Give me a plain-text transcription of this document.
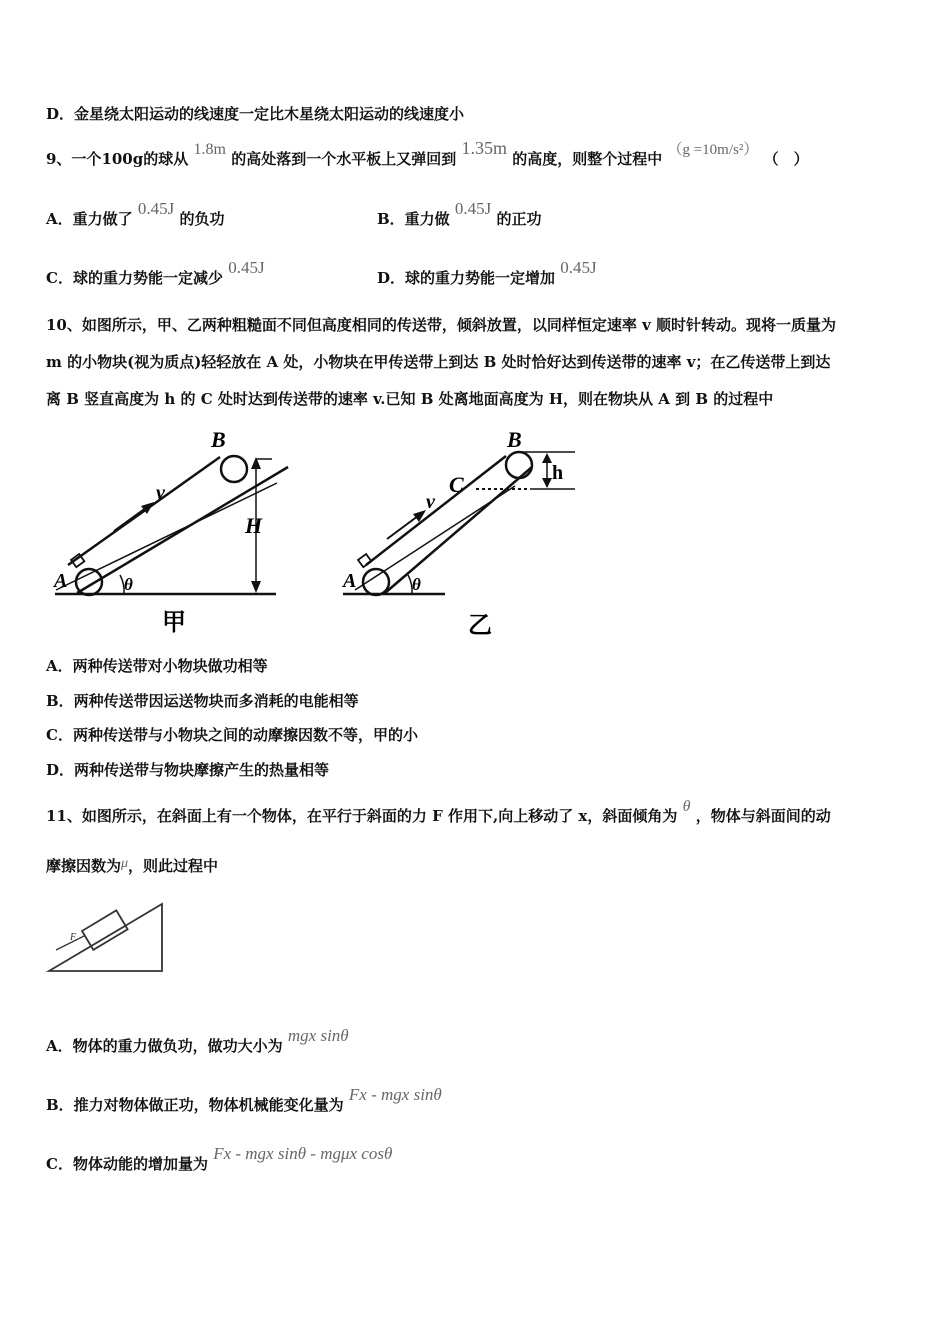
D．金星绕太阳运动的线速度一定比木星绕太阳运动的线速度小
9、一个100g的球从 1.8m 的高处落到一个水平板上又弹回到 1.35m 的高度，则整个过程中 （g =10m/s²） （　）
A．重力做了 0.45J 的负功	B．重力做 0.45J 的正功
C．球的重力势能一定减少 0.45J
D．球的重力势能一定增加 0.45J
10、如图所示，甲、乙两种粗糙面不同但高度相同的传送带，倾斜放置，以同样恒定速率 v 顺时针转动。现将一质量为
m 的小物块(视为质点)轻轻放在 A 处，小物块在甲传送带上到达 B 处时恰好达到传送带的速率 v；在乙传送带上到达
离 B 竖直高度为 h 的 C 处时达到传送带的速率 v.已知 B 处离地面高度为 H，则在物块从 A 到 B 的过程中
B
v
H
A	θ
甲
B
C	h
v
A	θ
乙
A．两种传送带对小物块做功相等
B．两种传送带因运送物块而多消耗的电能相等
C．两种传送带与小物块之间的动摩擦因数不等，甲的小
D．两种传送带与物块摩擦产生的热量相等
11、如图所示，在斜面上有一个物体，在平行于斜面的力 F 作用下,向上移动了 x，斜面倾角为 θ ，物体与斜面间的动
摩擦因数为μ，则此过程中
F
A．物体的重力做负功，做功大小为 mgx sinθ
B．推力对物体做正功，物体机械能变化量为 Fx - mgx sinθ
C．物体动能的增加量为 Fx - mgx sinθ - mgμx cosθ
